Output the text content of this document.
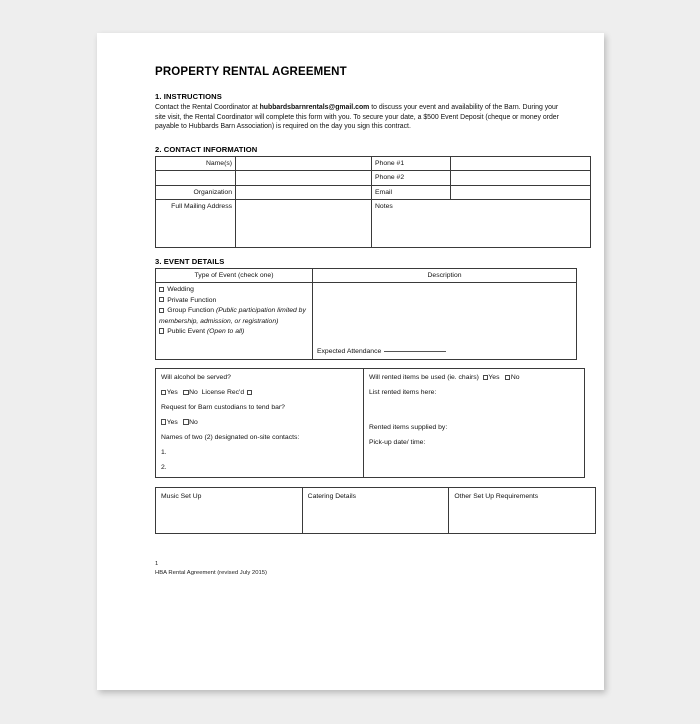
PROPERTY RENTAL AGREEMENT
1. INSTRUCTIONS

Contact the Rental Coordinator at hubbardsbarnrentals@gmail.com to discuss your event and availability of the Barn. During your site visit, the Rental Coordinator will complete this form with you. To secure your date, a $500 Event Deposit (cheque or money order payable to Hubbards Barn Association) is required on the day you sign this contract.

2. CONTACT INFORMATION
Name(s)		Phone #1	
		Phone #2	
Organization		Email	
Full Mailing Address		Notes	
3. EVENT DETAILS
Type of Event (check one)	Description

Wedding
Private Function
Group Function (Public participation limited by membership, admission, or registration)
Public Event (Open to all)	Expected Attendance
Will alcohol be served?
Yes No License Rec'd
Request for Barn custodians to tend bar?
Yes No
Names of two (2) designated on-site contacts:
1.
2.

Will rented items be used (ie. chairs) Yes No
List rented items here:
Rented items supplied by:
Pick-up date/ time:
Music Set Up	Catering Details	Other Set Up Requirements
1
HBA Rental Agreement (revised July 2015)
